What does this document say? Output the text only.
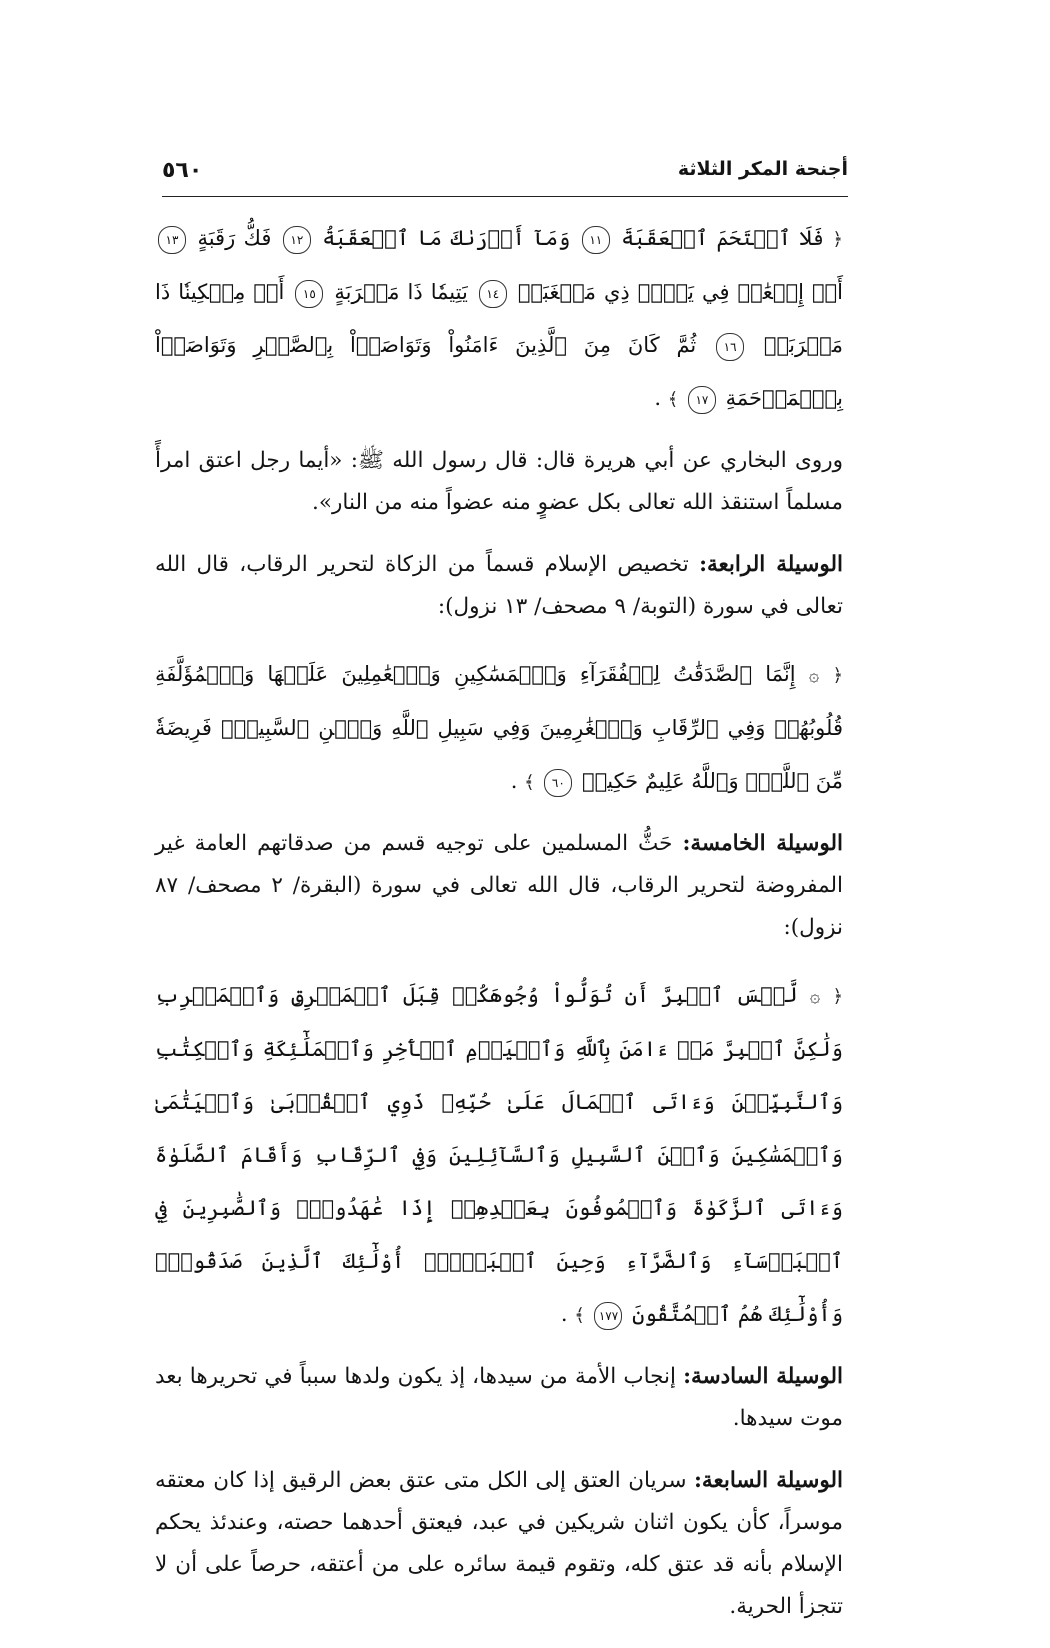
أجنحة المكر الثلاثة
٥٦٠

﴿ فَلَا ٱقۡتَحَمَ ٱلۡعَقَبَةَ ١١ وَمَآ أَدۡرَىٰكَ مَا ٱلۡعَقَبَةُ ١٢ فَكُّ رَقَبَةٍ ١٣ أَوۡ إِطۡعَٰمٞ فِي يَوۡمٖ ذِي مَسۡغَبَةٖ ١٤ يَتِيمٗا ذَا مَقۡرَبَةٍ ١٥ أَوۡ مِسۡكِينٗا ذَا مَتۡرَبَةٖ ١٦ ثُمَّ كَانَ مِنَ ٱلَّذِينَ ءَامَنُواْ وَتَوَاصَوۡاْ بِٱلصَّبۡرِ وَتَوَاصَوۡاْ بِٱلۡمَرۡحَمَةِ ١٧ ﴾ .

وروى البخاري عن أبي هريرة قال: قال رسول الله ﷺ: «أيما رجل اعتق امرأً مسلماً استنقذ الله تعالى بكل عضوٍ منه عضواً منه من النار».

الوسيلة الرابعة: تخصيص الإسلام قسماً من الزكاة لتحرير الرقاب، قال الله تعالى في سورة (التوبة/ ٩ مصحف/ ١٣ نزول):

﴿ ۞ إِنَّمَا ٱلصَّدَقَٰتُ لِلۡفُقَرَآءِ وَٱلۡمَسَٰكِينِ وَٱلۡعَٰمِلِينَ عَلَيۡهَا وَٱلۡمُؤَلَّفَةِ قُلُوبُهُمۡ وَفِي ٱلرِّقَابِ وَٱلۡغَٰرِمِينَ وَفِي سَبِيلِ ٱللَّهِ وَٱبۡنِ ٱلسَّبِيلِۖ فَرِيضَةٗ مِّنَ ٱللَّهِۗ وَٱللَّهُ عَلِيمٌ حَكِيمٞ ٦٠ ﴾ .

الوسيلة الخامسة: حَثُّ المسلمين على توجيه قسم من صدقاتهم العامة غير المفروضة لتحرير الرقاب، قال الله تعالى في سورة (البقرة/ ٢ مصحف/ ٨٧ نزول):

﴿ ۞ لَّيۡسَ ٱلۡبِرَّ أَن تُوَلُّواْ وُجُوهَكُمۡ قِبَلَ ٱلۡمَشۡرِقِ وَٱلۡمَغۡرِبِ وَلَٰكِنَّ ٱلۡبِرَّ مَنۡ ءَامَنَ بِٱللَّهِ وَٱلۡيَوۡمِ ٱلۡأٓخِرِ وَٱلۡمَلَٰٓئِكَةِ وَٱلۡكِتَٰبِ وَٱلنَّبِيِّـۧنَ وَءَاتَى ٱلۡمَالَ عَلَىٰ حُبِّهِۦ ذَوِي ٱلۡقُرۡبَىٰ وَٱلۡيَتَٰمَىٰ وَٱلۡمَسَٰكِينَ وَٱبۡنَ ٱلسَّبِيلِ وَٱلسَّآئِلِينَ وَفِي ٱلرِّقَابِ وَأَقَامَ ٱلصَّلَوٰةَ وَءَاتَى ٱلزَّكَوٰةَ وَٱلۡمُوفُونَ بِعَهۡدِهِمۡ إِذَا عَٰهَدُواْۖ وَٱلصَّٰبِرِينَ فِي ٱلۡبَأۡسَآءِ وَٱلضَّرَّآءِ وَحِينَ ٱلۡبَأۡسِۗ أُوْلَٰٓئِكَ ٱلَّذِينَ صَدَقُواْۖ وَأُوْلَٰٓئِكَ هُمُ ٱلۡمُتَّقُونَ ١٧٧ ﴾ .

الوسيلة السادسة: إنجاب الأمة من سيدها، إذ يكون ولدها سبباً في تحريرها بعد موت سيدها.

الوسيلة السابعة: سريان العتق إلى الكل متى عتق بعض الرقيق إذا كان معتقه موسراً، كأن يكون اثنان شريكين في عبد، فيعتق أحدهما حصته، وعندئذ يحكم الإسلام بأنه قد عتق كله، وتقوم قيمة سائره على من أعتقه، حرصاً على أن لا تتجزأ الحرية.
